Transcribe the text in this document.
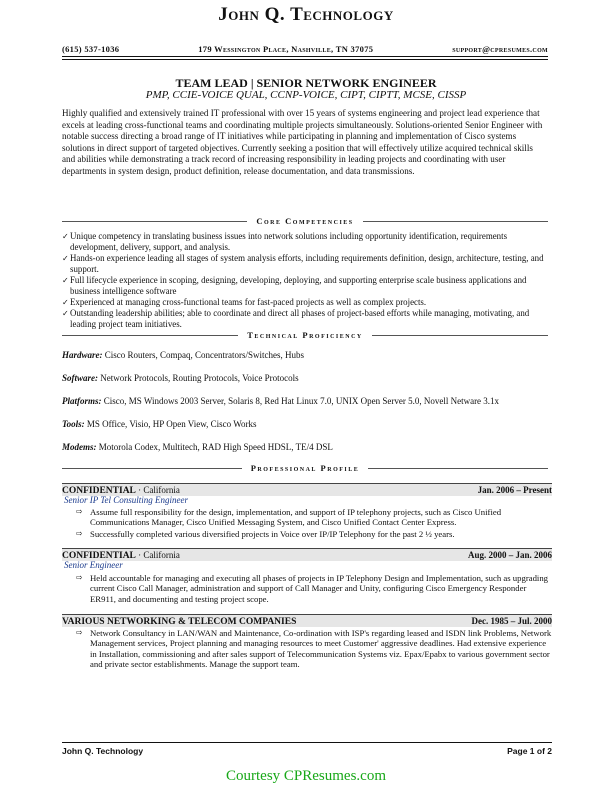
John Q. Technology
(615) 537-1036	179 Wessington Place, Nashville, TN 37075	support@cpresumes.com
TEAM LEAD | SENIOR NETWORK ENGINEER
PMP, CCIE-VOICE QUAL, CCNP-VOICE, CIPT, CIPTT, MCSE, CISSP
Highly qualified and extensively trained IT professional with over 15 years of systems engineering and project lead experience that excels at leading cross-functional teams and coordinating multiple projects simultaneously. Solutions-oriented Senior Engineer with notable success directing a broad range of IT initiatives while participating in planning and implementation of Cisco systems solutions in direct support of targeted objectives. Currently seeking a position that will effectively utilize acquired technical skills and abilities while demonstrating a track record of increasing responsibility in leading projects and coordinating with user departments in system design, product definition, release documentation, and data transmissions.
Core Competencies
✓ Unique competency in translating business issues into network solutions including opportunity identification, requirements development, delivery, support, and analysis.
✓ Hands-on experience leading all stages of system analysis efforts, including requirements definition, design, architecture, testing, and support.
✓ Full lifecycle experience in scoping, designing, developing, deploying, and supporting enterprise scale business applications and business intelligence software
✓ Experienced at managing cross-functional teams for fast-paced projects as well as complex projects.
✓ Outstanding leadership abilities; able to coordinate and direct all phases of project-based efforts while managing, motivating, and leading project team initiatives.
Technical Proficiency
Hardware: Cisco Routers, Compaq, Concentrators/Switches, Hubs
Software: Network Protocols, Routing Protocols, Voice Protocols
Platforms: Cisco, MS Windows 2003 Server, Solaris 8, Red Hat Linux 7.0, UNIX Open Server 5.0, Novell Netware 3.1x
Tools: MS Office, Visio, HP Open View, Cisco Works
Modems: Motorola Codex, Multitech, RAD High Speed HDSL, TE/4 DSL
Professional Profile
CONFIDENTIAL · California	Jan. 2006 – Present
Senior IP Tel Consulting Engineer
⇨ Assume full responsibility for the design, implementation, and support of IP telephony projects, such as Cisco Unified Communications Manager, Cisco Unified Messaging System, and Cisco Unified Contact Center Express.
⇨ Successfully completed various diversified projects in Voice over IP/IP Telephony for the past 2 ½ years.
CONFIDENTIAL · California	Aug. 2000 – Jan. 2006
Senior Engineer
⇨ Held accountable for managing and executing all phases of projects in IP Telephony Design and Implementation, such as upgrading current Cisco Call Manager, administration and support of Call Manager and Unity, configuring Cisco Emergency Responder ER911, and documenting and testing project scope.
VARIOUS NETWORKING & TELECOM COMPANIES	Dec. 1985 – Jul. 2000
⇨ Network Consultancy in LAN/WAN and Maintenance, Co-ordination with ISP's regarding leased and ISDN link Problems, Network Management services, Project planning and managing resources to meet Customer' aggressive deadlines. Had extensive experience in Installation, commissioning and after sales support of Telecommunication Systems viz. Epax/Epabx to various government sector and private sector establishments. Manage the support team.
John Q. Technology	Page 1 of 2
Courtesy CPResumes.com
